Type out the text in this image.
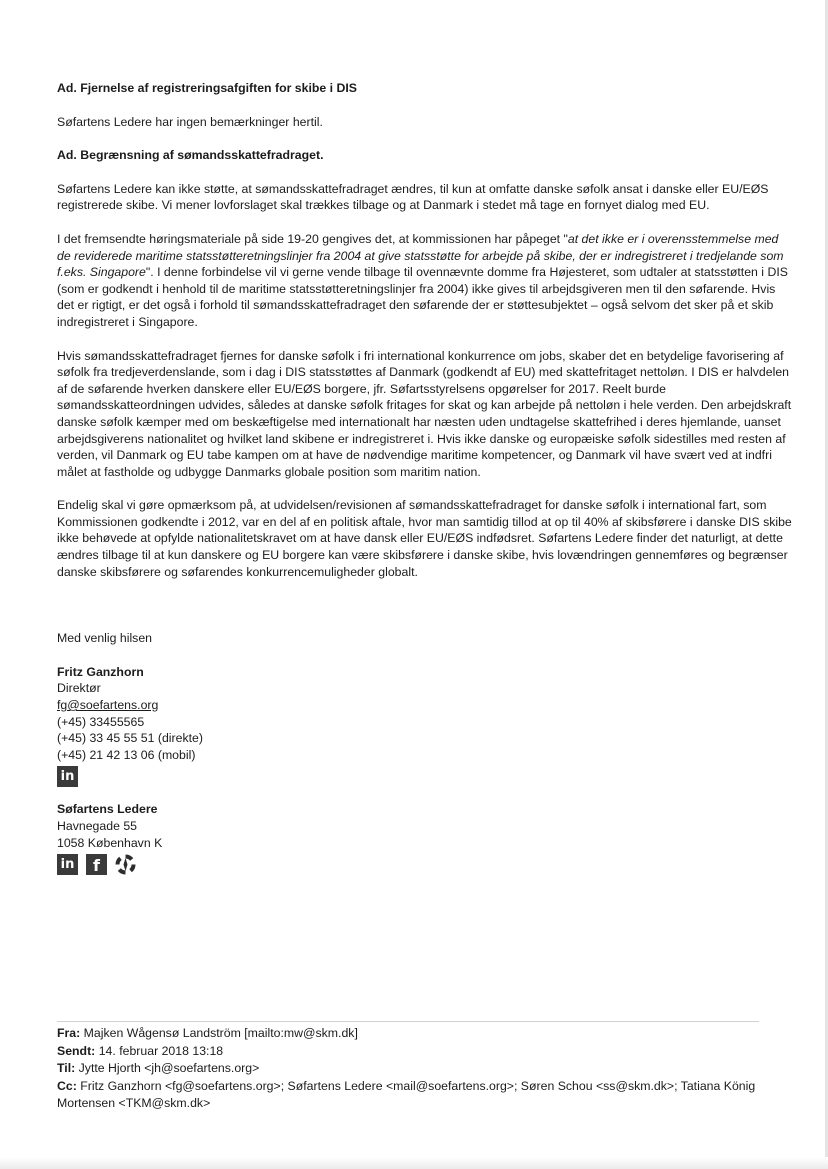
Ad. Fjernelse af registreringsafgiften for skibe i DIS

Søfartens Ledere har ingen bemærkninger hertil.

Ad. Begrænsning af sømandsskattefradraget.

Søfartens Ledere kan ikke støtte, at sømandsskattefradraget ændres, til kun at omfatte danske søfolk ansat i danske eller EU/EØS registrerede skibe. Vi mener lovforslaget skal trækkes tilbage og at Danmark i stedet må tage en fornyet dialog med EU.

I det fremsendte høringsmateriale på side 19-20 gengives det, at kommissionen har påpeget "at det ikke er i overensstemmelse med de reviderede maritime statsstøtteretningslinjer fra 2004 at give statsstøtte for arbejde på skibe, der er indregistreret i tredjelande som f.eks. Singapore". I denne forbindelse vil vi gerne vende tilbage til ovennævnte domme fra Højesteret, som udtaler at statsstøtten i DIS (som er godkendt i henhold til de maritime statsstøtteretningslinjer fra 2004) ikke gives til arbejdsgiveren men til den søfarende. Hvis det er rigtigt, er det også i forhold til sømandsskattefradraget den søfarende der er støttesubjektet – også selvom det sker på et skib indregistreret i Singapore.

Hvis sømandsskattefradraget fjernes for danske søfolk i fri international konkurrence om jobs, skaber det en betydelige favorisering af søfolk fra tredjeverdenslande, som i dag i DIS statsstøttes af Danmark (godkendt af EU) med skattefritaget nettoløn. I DIS er halvdelen af de søfarende hverken danskere eller EU/EØS borgere, jfr. Søfartsstyrelsens opgørelser for 2017. Reelt burde sømandsskatteordningen udvides, således at danske søfolk fritages for skat og kan arbejde på nettoløn i hele verden. Den arbejdskraft danske søfolk kæmper med om beskæftigelse med internationalt har næsten uden undtagelse skattefrihed i deres hjemlande, uanset arbejdsgiverens nationalitet og hvilket land skibene er indregistreret i. Hvis ikke danske og europæiske søfolk sidestilles med resten af verden, vil Danmark og EU tabe kampen om at have de nødvendige maritime kompetencer, og Danmark vil have svært ved at indfri målet at fastholde og udbygge Danmarks globale position som maritim nation.

Endelig skal vi gøre opmærksom på, at udvidelsen/revisionen af sømandsskattefradraget for danske søfolk i international fart, som Kommissionen godkendte i 2012, var en del af en politisk aftale, hvor man samtidig tillod at op til 40% af skibsførere i danske DIS skibe ikke behøvede at opfylde nationalitetskravet om at have dansk eller EU/EØS indfødsret. Søfartens Ledere finder det naturligt, at dette ændres tilbage til at kun danskere og EU borgere kan være skibsførere i danske skibe, hvis lovændringen gennemføres og begrænser danske skibsførere og søfarendes konkurrencemuligheder globalt.

Med venlig hilsen

Fritz Ganzhorn
Direktør
fg@soefartens.org
(+45) 33455565
(+45) 33 45 55 51 (direkte)
(+45) 21 42 13 06 (mobil)
in
Søfartens Ledere
Havnegade 55
1058 København K
in	f
Fra: Majken Wågensø Landström [mailto:mw@skm.dk]
Sendt: 14. februar 2018 13:18
Til: Jytte Hjorth <jh@soefartens.org>
Cc: Fritz Ganzhorn <fg@soefartens.org>; Søfartens Ledere <mail@soefartens.org>; Søren Schou <ss@skm.dk>; Tatiana König Mortensen <TKM@skm.dk>
